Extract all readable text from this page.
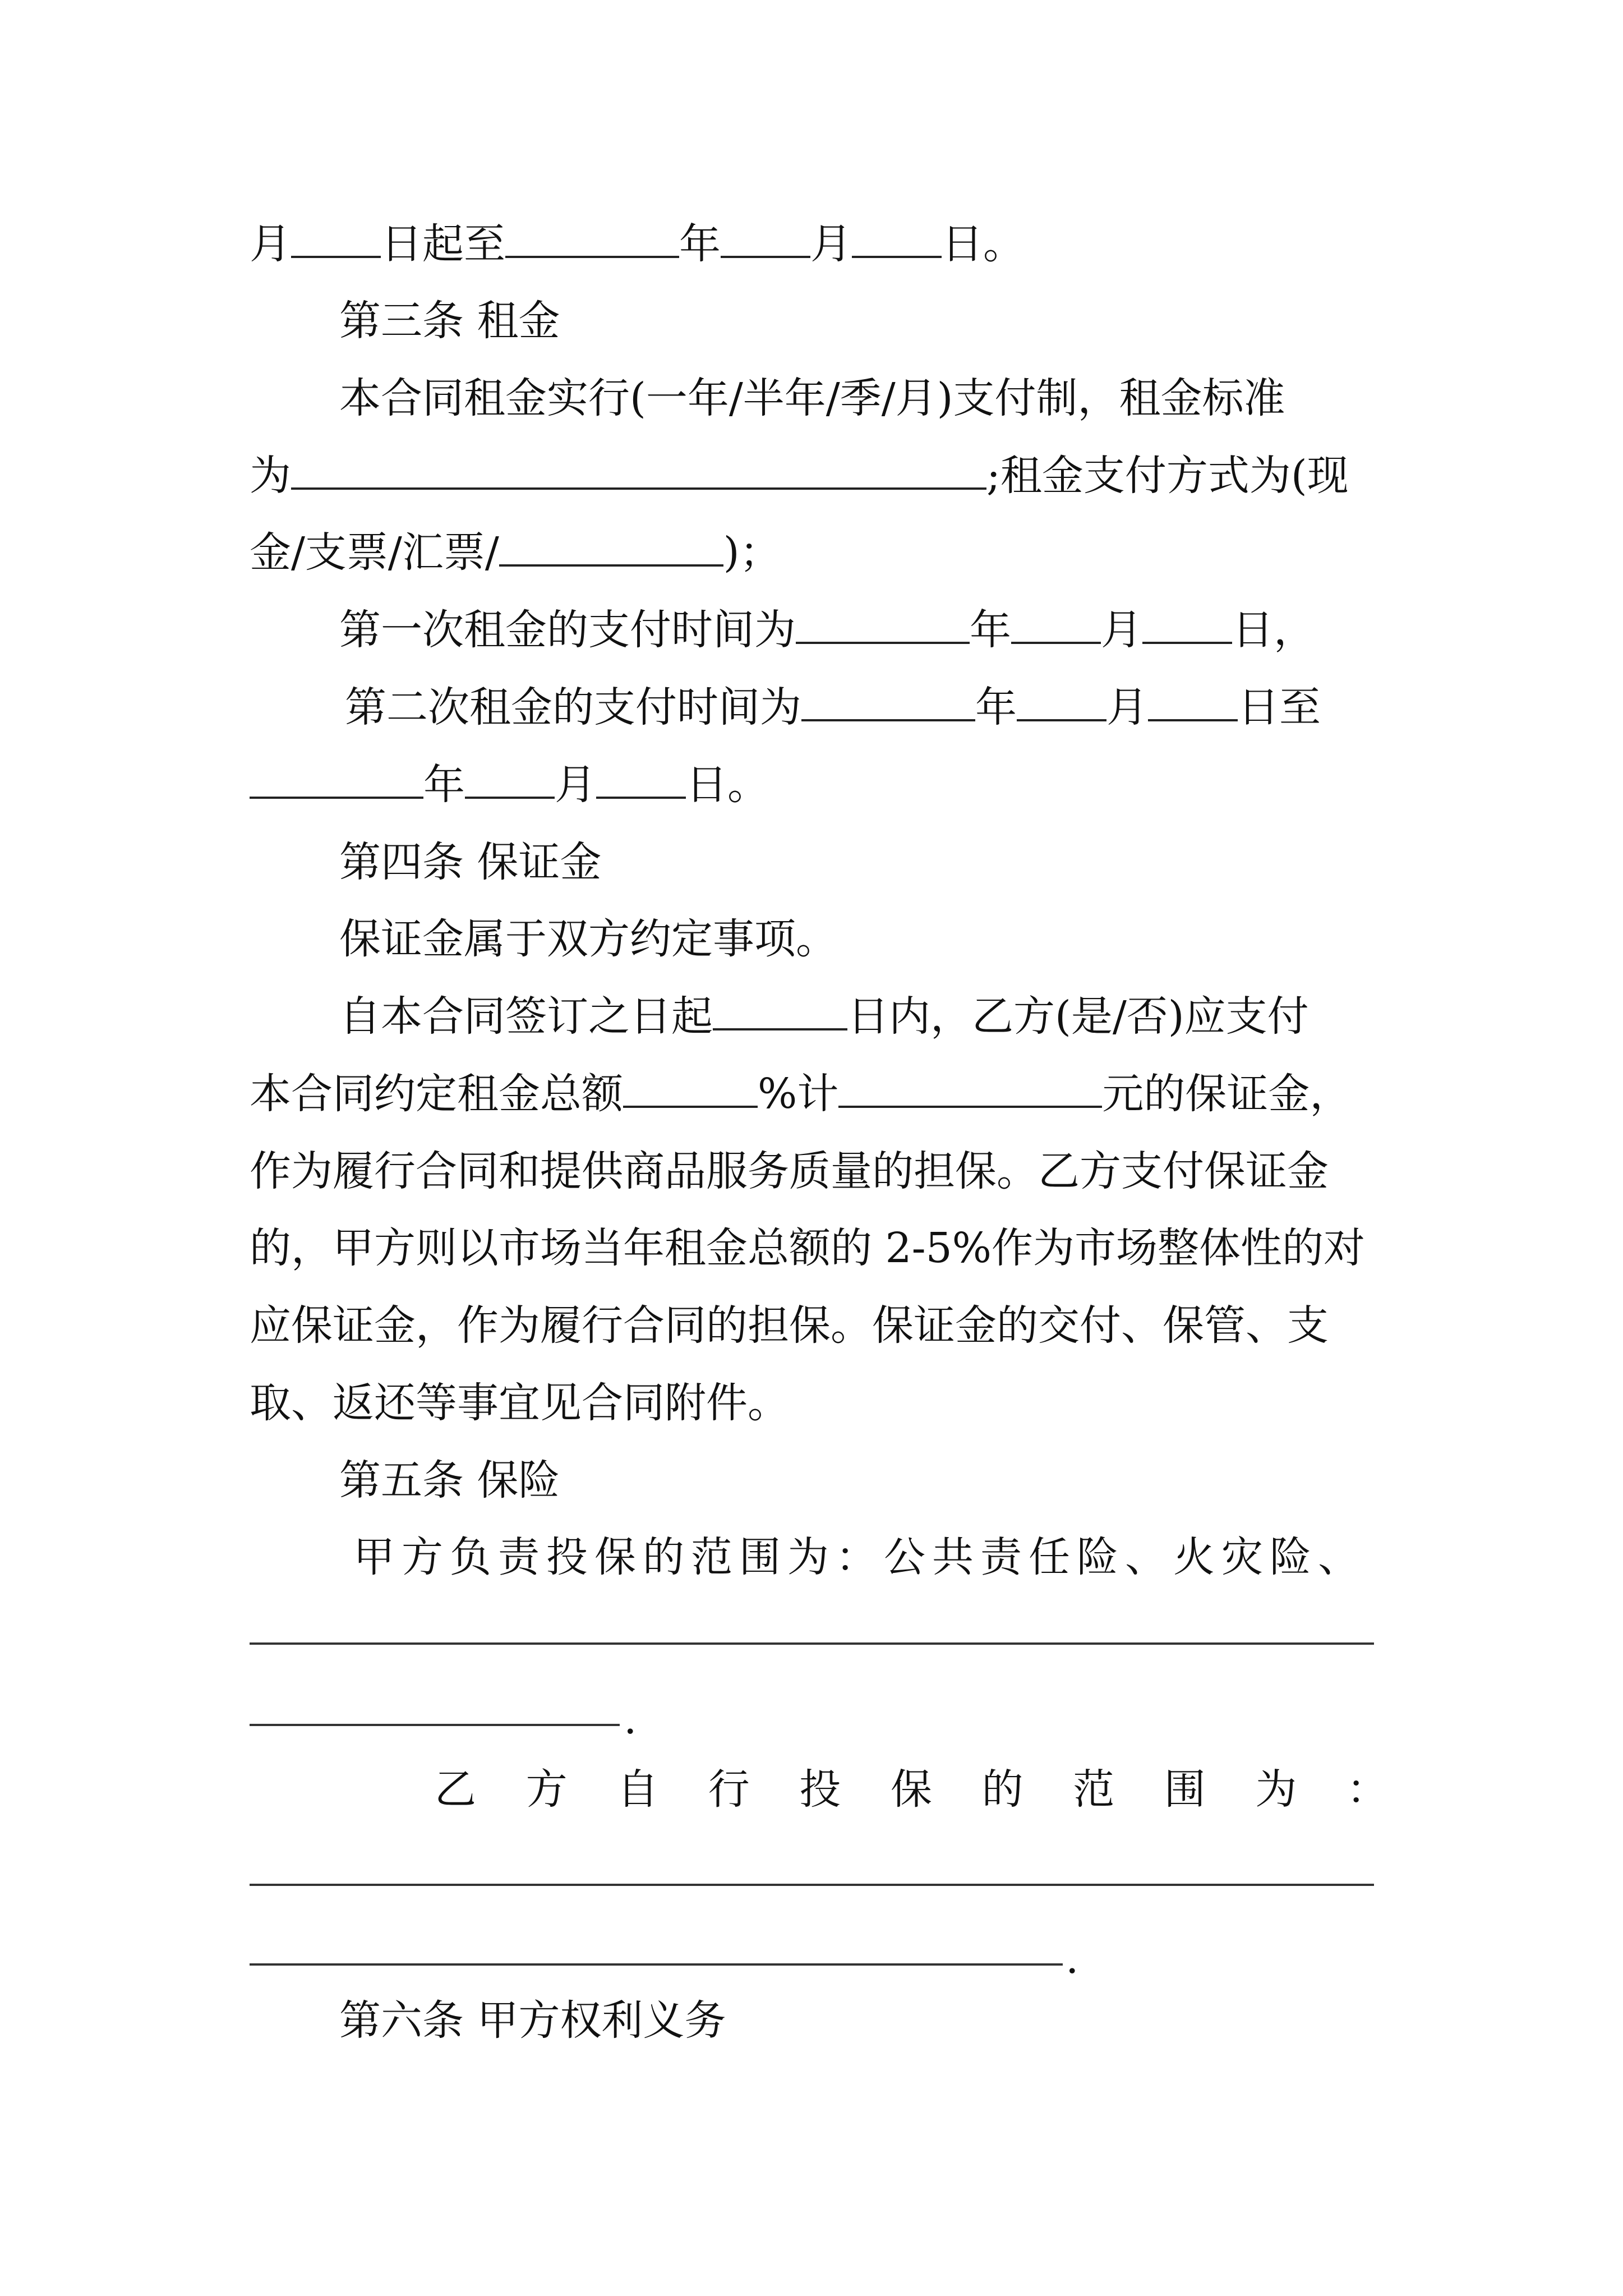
月 日起至	年 月 日。
第三条 租金
本合同租金实行(一年/半年/季/月)支付制，租金标准
为	;租金支付方式为(现
金/支票/汇票/	)；
第一次租金的支付时间为	年 月 日，
第二次租金的支付时间为	年 月 日至
年 月 日。
第四条 保证金
保证金属于双方约定事项。
自本合同签订之日起	日内，乙方(是/否)应支付
本合同约定租金总额	%计	元的保证金，
作为履行合同和提供商品服务质量的担保。乙方支付保证金
的，甲方则以市场当年租金总额的 2-5%作为市场整体性的对
应保证金，作为履行合同的担保。保证金的交付、保管、支
取、返还等事宜见合同附件。
第五条 保险
甲方负责投保的范围为：公共责任险、火灾险、
.
乙 方 自 行 投 保 的 范 围 为 ：
.
第六条 甲方权利义务
